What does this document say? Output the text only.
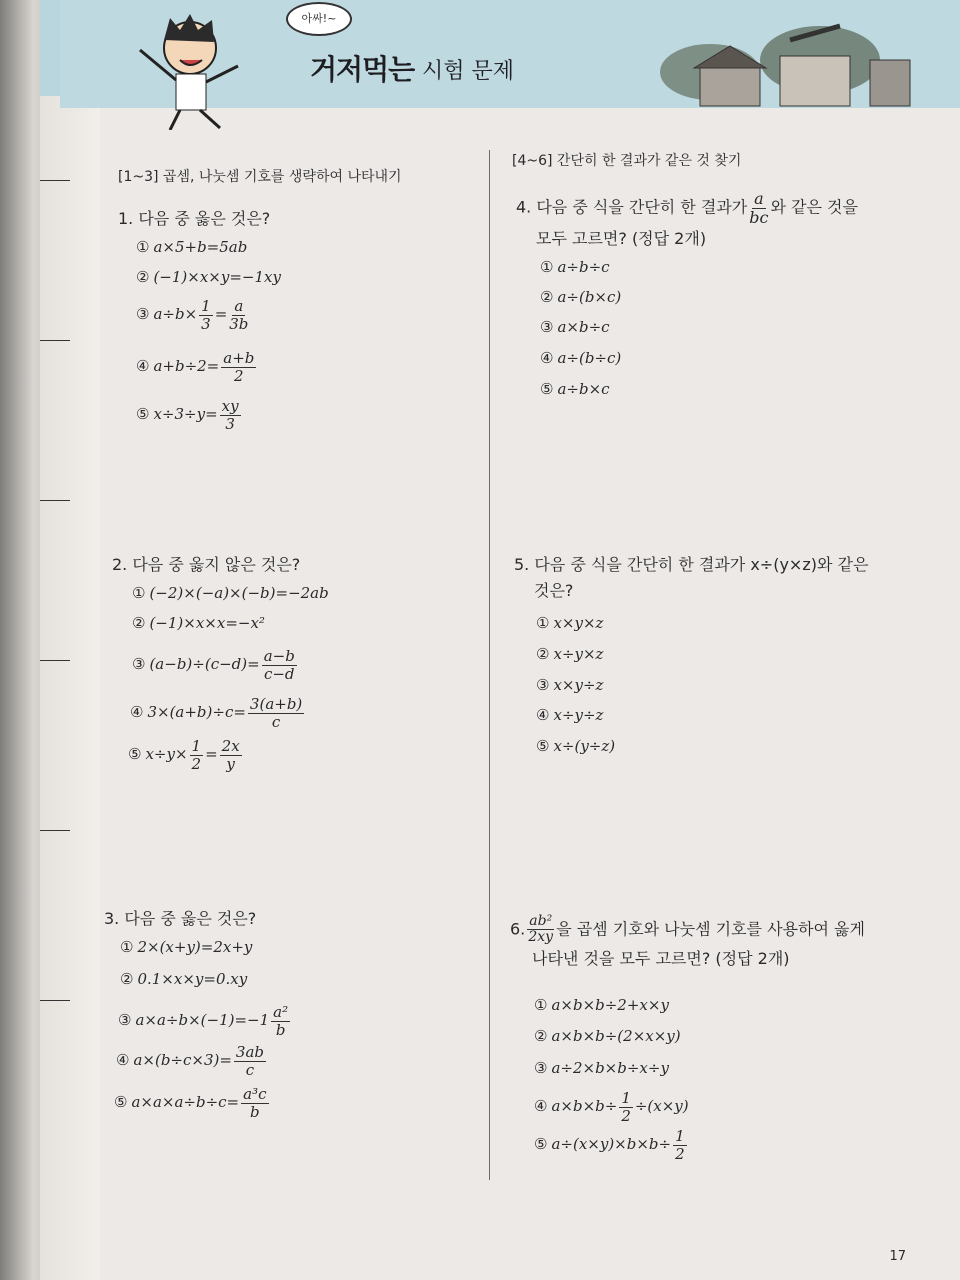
아싸!~
거저먹는 시험 문제
[1~3] 곱셈, 나눗셈 기호를 생략하여 나타내기
[4~6] 간단히 한 결과가 같은 것 찾기
1. 다음 중 옳은 것은?
① a×5+b=5ab
② (−1)×x×y=−1xy
③ $a\div b\times \frac{1}{3} = \frac{a}{3b}$
④ $a+b\div 2= \frac{a+b}{2}$
⑤ $x\div 3\div y= \frac{xy}{3}$
2. 다음 중 옳지 않은 것은?
① (−2)×(−a)×(−b)=−2ab
② (−1)×x×x=−x²
③ $(a-b)\div(c-d)= \frac{a-b}{c-d}$
④ $3\times(a+b)\div c= \frac{3(a+b)}{c}$
⑤ $x\div y\times \frac{1}{2} = \frac{2x}{y}$
3. 다음 중 옳은 것은?
① 2×(x+y)=2x+y
② 0.1×x×y=0.xy
③ $a\times a\div b\times(-1)=-1 \frac{\text{a²}}{b}$
④ $a\times(b\div c\times 3)= \frac{3ab}{c}$
⑤ $a\times a\times a\div b\div c= \frac{\text{a³c}}{b}$
4. 다음 중 식을 간단히 한 결과가 $\frac{a}{bc}$ 와 같은 것을
모두 고르면? (정답 2개)
① a÷b÷c
② a÷(b×c)
③ a×b÷c
④ a÷(b÷c)
⑤ a÷b×c
5. 다음 중 식을 간단히 한 결과가 x÷(y×z)와 같은
것은?
① x×y×z
② x÷y×z
③ x×y÷z
④ x÷y÷z
⑤ x÷(y÷z)
6. $\frac{\text{ab²}}{2xy}$ 을 곱셈 기호와 나눗셈 기호를 사용하여 옳게
나타낸 것을 모두 고르면? (정답 2개)
① a×b×b÷2+x×y
② a×b×b÷(2×x×y)
③ a÷2×b×b÷x÷y
④ $a\times b\times b\div \frac{1}{2} \div(x\times y)$
⑤ $a\div(x\times y)\times b\times b\div \frac{1}{2}$
17
